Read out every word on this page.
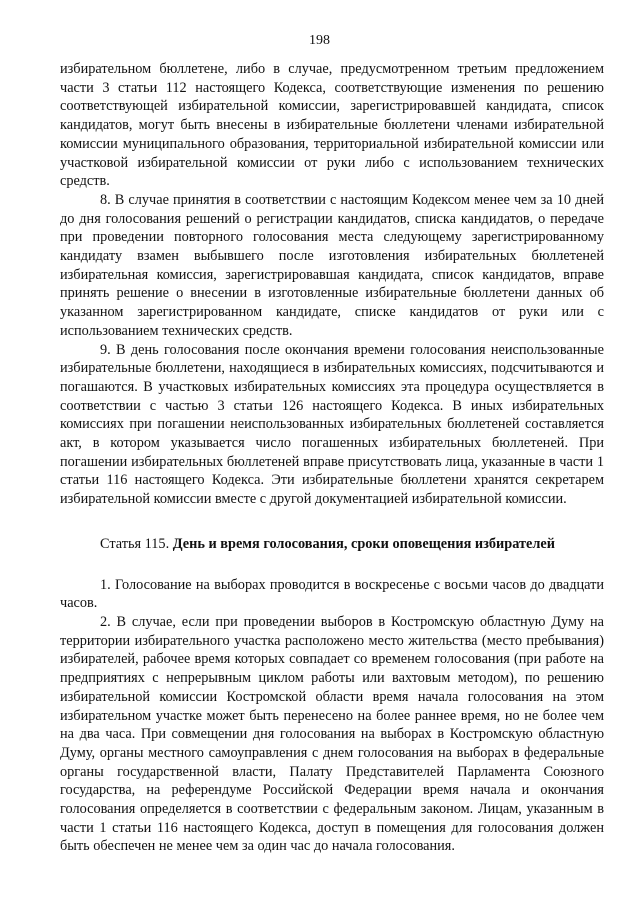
198

избирательном бюллетене, либо в случае, предусмотренном третьим предложением части 3 статьи 112 настоящего Кодекса, соответствующие изменения по решению соответствующей избирательной комиссии, зарегистрировавшей кандидата, список кандидатов, могут быть внесены в избирательные бюллетени членами избирательной комиссии муниципального образования, территориальной избирательной комиссии или участковой избирательной комиссии от руки либо с использованием технических средств.

8. В случае принятия в соответствии с настоящим Кодексом менее чем за 10 дней до дня голосования решений о регистрации кандидатов, списка кандидатов, о передаче при проведении повторного голосования места следующему зарегистрированному кандидату взамен выбывшего после изготовления избирательных бюллетеней избирательная комиссия, зарегистрировавшая кандидата, список кандидатов, вправе принять решение о внесении в изготовленные избирательные бюллетени данных об указанном зарегистрированном кандидате, списке кандидатов от руки или с использованием технических средств.

9. В день голосования после окончания времени голосования неиспользованные избирательные бюллетени, находящиеся в избирательных комиссиях, подсчитываются и погашаются. В участковых избирательных комиссиях эта процедура осуществляется в соответствии с частью 3 статьи 126 настоящего Кодекса. В иных избирательных комиссиях при погашении неиспользованных избирательных бюллетеней составляется акт, в котором указывается число погашенных избирательных бюллетеней. При погашении избирательных бюллетеней вправе присутствовать лица, указанные в части 1 статьи 116 настоящего Кодекса. Эти избирательные бюллетени хранятся секретарем избирательной комиссии вместе с другой документацией избирательной комиссии.

Статья 115. День и время голосования, сроки оповещения избирателей

1. Голосование на выборах проводится в воскресенье с восьми часов до двадцати часов.

2. В случае, если при проведении выборов в Костромскую областную Думу на территории избирательного участка расположено место жительства (место пребывания) избирателей, рабочее время которых совпадает со временем голосования (при работе на предприятиях с непрерывным циклом работы или вахтовым методом), по решению избирательной комиссии Костромской области время начала голосования на этом избирательном участке может быть перенесено на более раннее время, но не более чем на два часа. При совмещении дня голосования на выборах в Костромскую областную Думу, органы местного самоуправления с днем голосования на выборах в федеральные органы государственной власти, Палату Представителей Парламента Союзного государства, на референдуме Российской Федерации время начала и окончания голосования определяется в соответствии с федеральным законом. Лицам, указанным в части 1 статьи 116 настоящего Кодекса, доступ в помещения для голосования должен быть обеспечен не менее чем за один час до начала голосования.
